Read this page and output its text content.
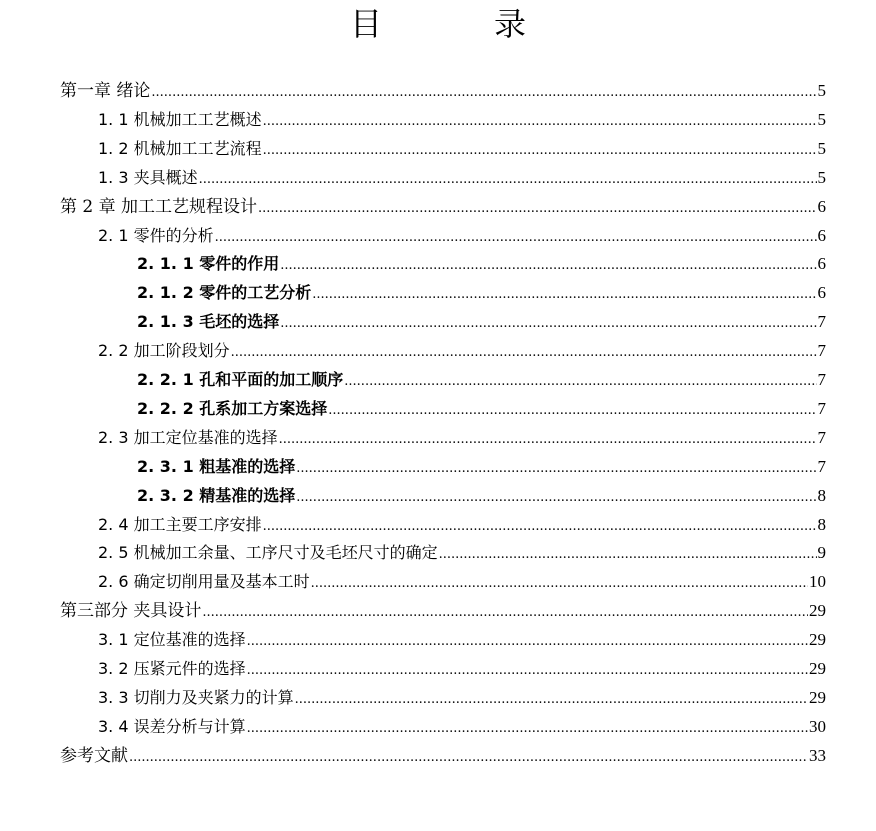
目　录
第一章 绪论 .....	5
1. 1 机械加工工艺概述 .....	5
1. 2 机械加工工艺流程 .....	5
1. 3 夹具概述 .....	5
第 2 章 加工工艺规程设计 .....	6
2. 1 零件的分析 .....	6
2. 1. 1 零件的作用 .....	6
2. 1. 2 零件的工艺分析 .....	6
2. 1. 3 毛坯的选择 .....	7
2. 2 加工阶段划分 .....	7
2. 2. 1 孔和平面的加工顺序 .....	7
2. 2. 2 孔系加工方案选择 .....	7
2. 3 加工定位基准的选择 .....	7
2. 3. 1 粗基准的选择 .....	7
2. 3. 2 精基准的选择 .....	8
2. 4 加工主要工序安排 .....	8
2. 5 机械加工余量、工序尺寸及毛坯尺寸的确定 .....	9
2. 6 确定切削用量及基本工时 .....	10
第三部分 夹具设计 .....	29
3. 1 定位基准的选择 .....	29
3. 2 压紧元件的选择 .....	29
3. 3 切削力及夹紧力的计算 .....	29
3. 4 误差分析与计算 .....	30
参考文献 .....	33
